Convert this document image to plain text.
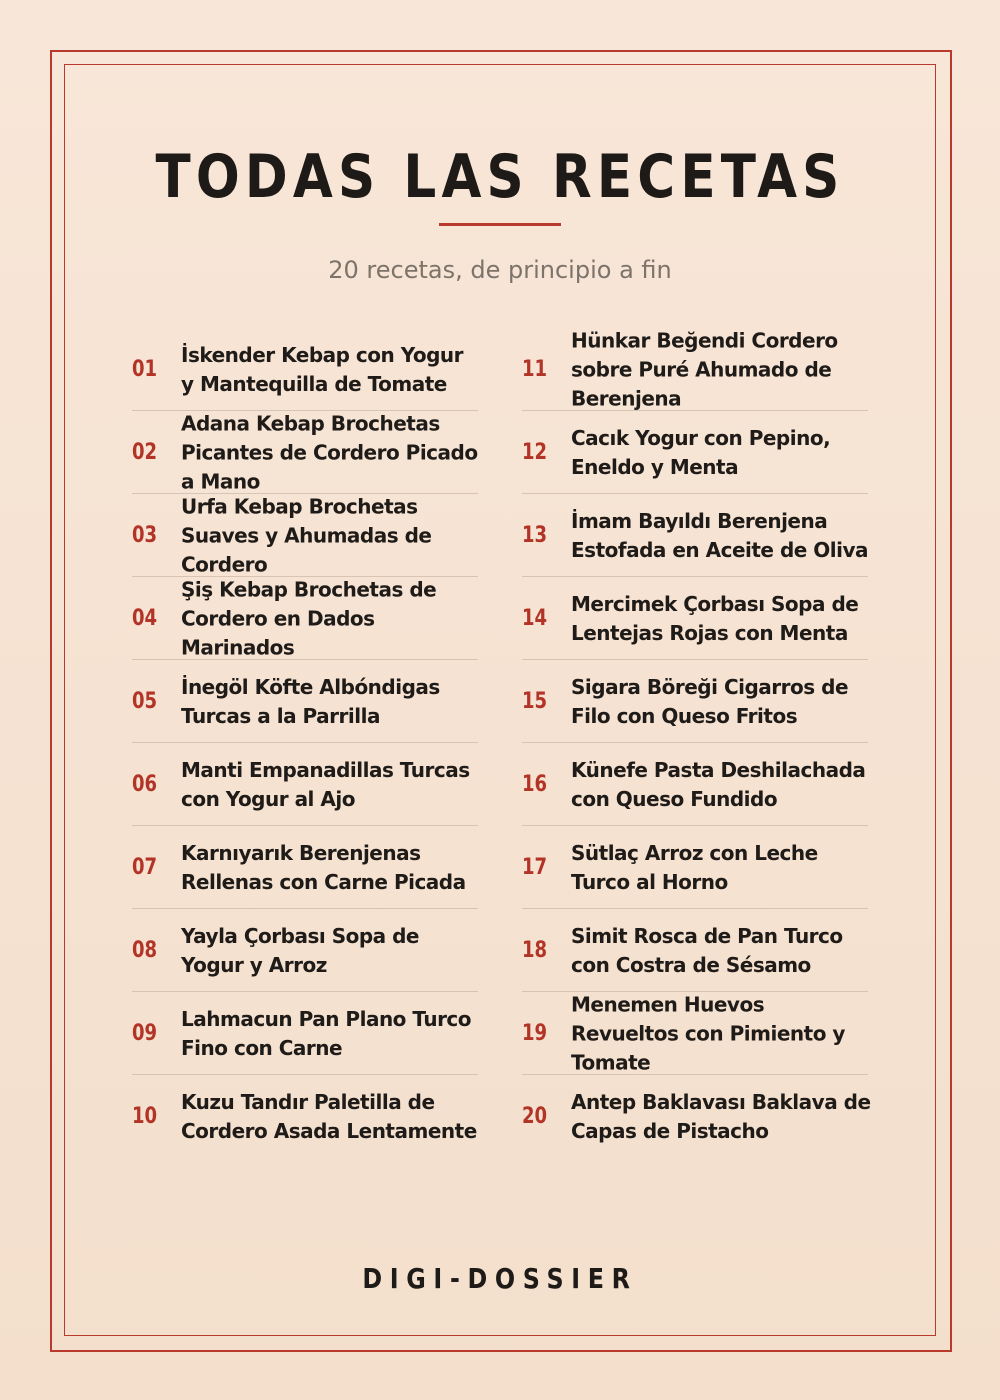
TODAS LAS RECETAS
20 recetas, de principio a fin
01
İskender Kebap con Yogur y Mantequilla de Tomate
02
Adana Kebap Brochetas Picantes de Cordero Picado a Mano
03
Urfa Kebap Brochetas Suaves y Ahumadas de Cordero
04
Şiş Kebap Brochetas de Cordero en Dados Marinados
05
İnegöl Köfte Albóndigas Turcas a la Parrilla
06
Manti Empanadillas Turcas con Yogur al Ajo
07
Karnıyarık Berenjenas Rellenas con Carne Picada
08
Yayla Çorbası Sopa de Yogur y Arroz
09
Lahmacun Pan Plano Turco Fino con Carne
10
Kuzu Tandır Paletilla de Cordero Asada Lentamente
11
Hünkar Beğendi Cordero sobre Puré Ahumado de Berenjena
12
Cacık Yogur con Pepino, Eneldo y Menta
13
İmam Bayıldı Berenjena Estofada en Aceite de Oliva
14
Mercimek Çorbası Sopa de Lentejas Rojas con Menta
15
Sigara Böreği Cigarros de Filo con Queso Fritos
16
Künefe Pasta Deshilachada con Queso Fundido
17
Sütlaç Arroz con Leche Turco al Horno
18
Simit Rosca de Pan Turco con Costra de Sésamo
19
Menemen Huevos Revueltos con Pimiento y Tomate
20
Antep Baklavası Baklava de Capas de Pistacho
DIGI-DOSSIER
